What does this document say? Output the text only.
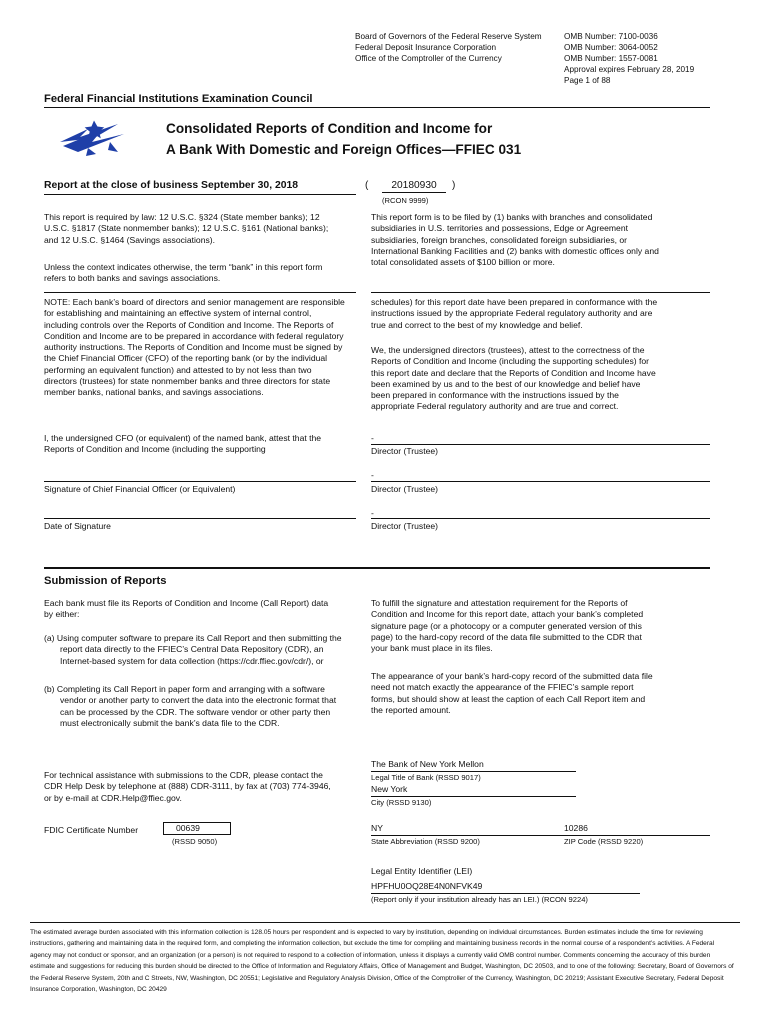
Board of Governors of the Federal Reserve System
Federal Deposit Insurance Corporation
Office of the Comptroller of the Currency
OMB Number: 7100-0036
OMB Number: 3064-0052
OMB Number: 1557-0081
Approval expires February 28, 2019
Page 1 of 88
Federal Financial Institutions Examination Council
Consolidated Reports of Condition and Income for
A Bank With Domestic and Foreign Offices—FFIEC 031
Report at the close of business September 30, 2018	(	20180930	)
(RCON 9999)
This report is required by law: 12 U.S.C. §324 (State member banks); 12 U.S.C. §1817 (State nonmember banks); 12 U.S.C. §161 (National banks); and 12 U.S.C. §1464 (Savings associations).
Unless the context indicates otherwise, the term “bank” in this report form refers to both banks and savings associations.
This report form is to be filed by (1) banks with branches and consolidated subsidiaries in U.S. territories and possessions, Edge or Agreement subsidiaries, foreign branches, consolidated foreign subsidiaries, or International Banking Facilities and (2) banks with domestic offices only and total consolidated assets of $100 billion or more.
NOTE: Each bank’s board of directors and senior management are responsible for establishing and maintaining an effective system of internal control, including controls over the Reports of Condition and Income. The Reports of Condition and Income are to be prepared in accordance with federal regulatory authority instructions. The Reports of Condition and Income must be signed by the Chief Financial Officer (CFO) of the reporting bank (or by the individual performing an equivalent function) and attested to by not less than two directors (trustees) for state nonmember banks and three directors for state member banks, national banks, and savings associations.
I, the undersigned CFO (or equivalent) of the named bank, attest that the Reports of Condition and Income (including the supporting
schedules) for this report date have been prepared in conformance with the instructions issued by the appropriate Federal regulatory authority and are true and correct to the best of my knowledge and belief.
We, the undersigned directors (trustees), attest to the correctness of the Reports of Condition and Income (including the supporting schedules) for this report date and declare that the Reports of Condition and Income have been examined by us and to the best of our knowledge and belief have been prepared in conformance with the instructions issued by the appropriate Federal regulatory authority and are true and correct.
-
Director (Trustee)
-
Signature of Chief Financial Officer (or Equivalent)	Director (Trustee)
-
Date of Signature	Director (Trustee)
Submission of Reports
Each bank must file its Reports of Condition and Income (Call Report) data by either:
(a) Using computer software to prepare its Call Report and then submitting the report data directly to the FFIEC’s Central Data Repository (CDR), an Internet-based system for data collection (https://cdr.ffiec.gov/cdr/), or
(b) Completing its Call Report in paper form and arranging with a software vendor or another party to convert the data into the electronic format that can be processed by the CDR. The software vendor or other party then must electronically submit the bank’s data file to the CDR.
To fulfill the signature and attestation requirement for the Reports of Condition and Income for this report date, attach your bank’s completed signature page (or a photocopy or a computer generated version of this page) to the hard-copy record of the data file submitted to the CDR that your bank must place in its files.
The appearance of your bank’s hard-copy record of the submitted data file need not match exactly the appearance of the FFIEC’s sample report forms, but should show at least the caption of each Call Report item and the reported amount.
For technical assistance with submissions to the CDR, please contact the CDR Help Desk by telephone at (888) CDR-3111, by fax at (703) 774-3946, or by e-mail at CDR.Help@ffiec.gov.
The Bank of New York Mellon
Legal Title of Bank (RSSD 9017)
New York
City (RSSD 9130)
FDIC Certificate Number	00639
(RSSD 9050)
NY	10286
State Abbreviation (RSSD 9200)	ZIP Code (RSSD 9220)
Legal Entity Identifier (LEI)
HPFHU0OQ28E4N0NFVK49
(Report only if your institution already has an LEI.) (RCON 9224)
The estimated average burden associated with this information collection is 128.05 hours per respondent and is expected to vary by institution, depending on individual circumstances. Burden estimates include the time for reviewing instructions, gathering and maintaining data in the required form, and completing the information collection, but exclude the time for compiling and maintaining business records in the normal course of a respondent’s activities. A Federal agency may not conduct or sponsor, and an organization (or a person) is not required to respond to a collection of information, unless it displays a currently valid OMB control number. Comments concerning the accuracy of this burden estimate and suggestions for reducing this burden should be directed to the Office of Information and Regulatory Affairs, Office of Management and Budget, Washington, DC 20503, and to one of the following: Secretary, Board of Governors of the Federal Reserve System, 20th and C Streets, NW, Washington, DC 20551; Legislative and Regulatory Analysis Division, Office of the Comptroller of the Currency, Washington, DC 20219; Assistant Executive Secretary, Federal Deposit Insurance Corporation, Washington, DC 20429
